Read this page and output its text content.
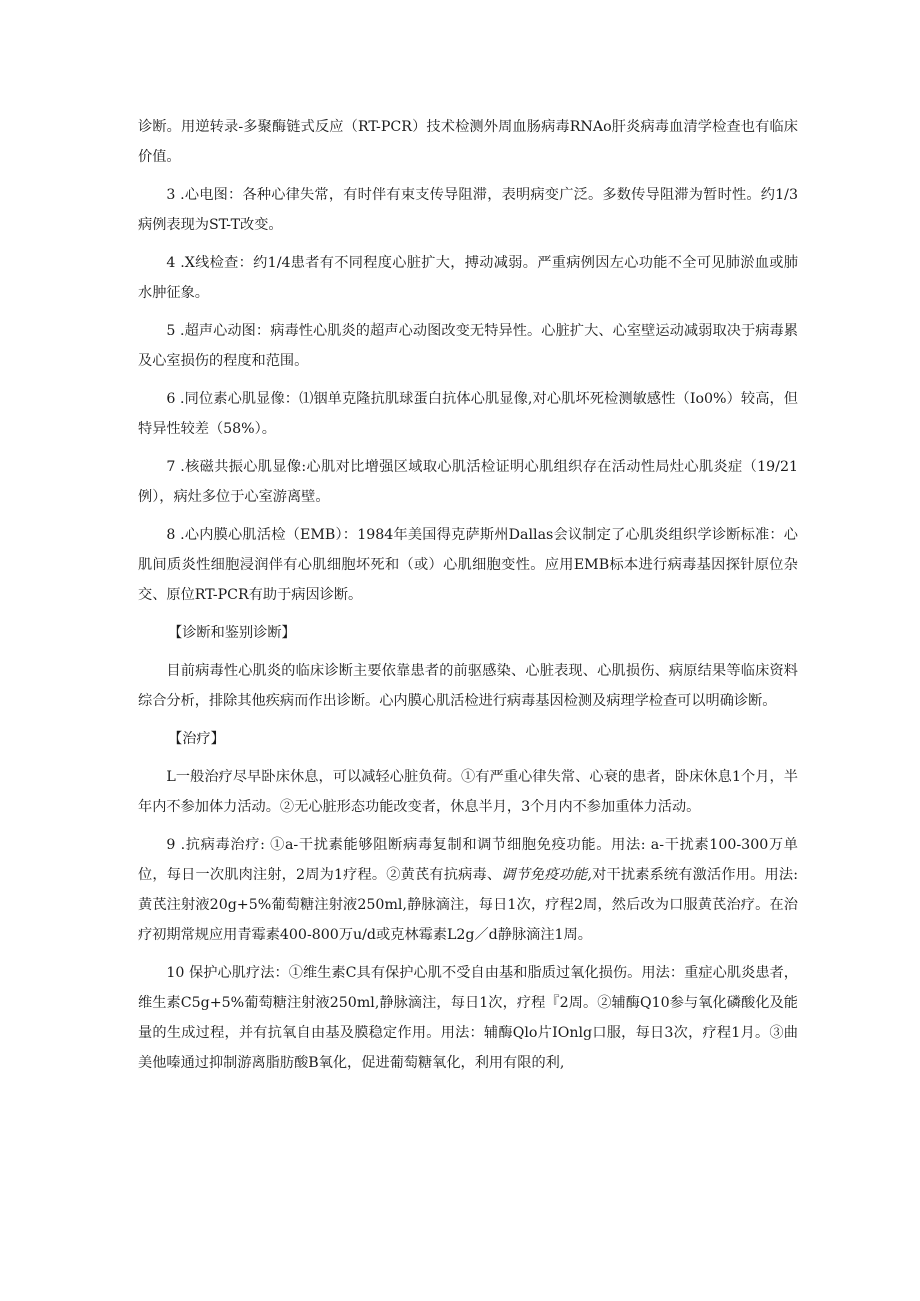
诊断。用逆转录-多聚酶链式反应（RT-PCR）技术检测外周血肠病毒RNAo肝炎病毒血清学检查也有临床价值。

3 .心电图：各种心律失常，有时伴有束支传导阻滞，表明病变广泛。多数传导阻滞为暂时性。约1/3病例表现为ST-T改变。

4 .X线检查：约1/4患者有不同程度心脏扩大，搏动减弱。严重病例因左心功能不全可见肺淤血或肺水肿征象。

5 .超声心动图：病毒性心肌炎的超声心动图改变无特异性。心脏扩大、心室壁运动减弱取决于病毒累及心室损伤的程度和范围。

6 .同位素心肌显像：⑴铟单克隆抗肌球蛋白抗体心肌显像,对心肌坏死检测敏感性（Io0%）较高，但特异性较差（58%）。

7 .核磁共振心肌显像:心肌对比增强区域取心肌活检证明心肌组织存在活动性局灶心肌炎症（19/21例），病灶多位于心室游离壁。

8 .心内膜心肌活检（EMB）：1984年美国得克萨斯州Dallas会议制定了心肌炎组织学诊断标准：心肌间质炎性细胞浸润伴有心肌细胞坏死和（或）心肌细胞变性。应用EMB标本进行病毒基因探针原位杂交、原位RT-PCR有助于病因诊断。

【诊断和鉴别诊断】

目前病毒性心肌炎的临床诊断主要依靠患者的前驱感染、心脏表现、心肌损伤、病原结果等临床资料综合分析，排除其他疾病而作出诊断。心内膜心肌活检进行病毒基因检测及病理学检查可以明确诊断。

【治疗】

L一般治疗尽早卧床休息，可以减轻心脏负荷。①有严重心律失常、心衰的患者，卧床休息1个月，半年内不参加体力活动。②无心脏形态功能改变者，休息半月，3个月内不参加重体力活动。

9 .抗病毒治疗: ①a-干扰素能够阻断病毒复制和调节细胞免疫功能。用法: a-干扰素100-300万单位，每日一次肌肉注射，2周为1疗程。②黄芪有抗病毒、调节免疫功能,对干扰素系统有激活作用。用法:黄芪注射液20g+5%葡萄糖注射液250ml,静脉滴注，每日1次，疗程2周，然后改为口服黄芪治疗。在治疗初期常规应用青霉素400-800万u/d或克林霉素L2g／d静脉滴注1周。

10 保护心肌疗法：①维生素C具有保护心肌不受自由基和脂质过氧化损伤。用法：重症心肌炎患者，维生素C5g+5%葡萄糖注射液250ml,静脉滴注，每日1次，疗程『2周。②辅酶Q10参与氧化磷酸化及能量的生成过程，并有抗氧自由基及膜稳定作用。用法：辅酶Qlo片IOnlg口服，每日3次，疗程1月。③曲美他嗪通过抑制游离脂肪酸B氧化，促进葡萄糖氧化，利用有限的利,
